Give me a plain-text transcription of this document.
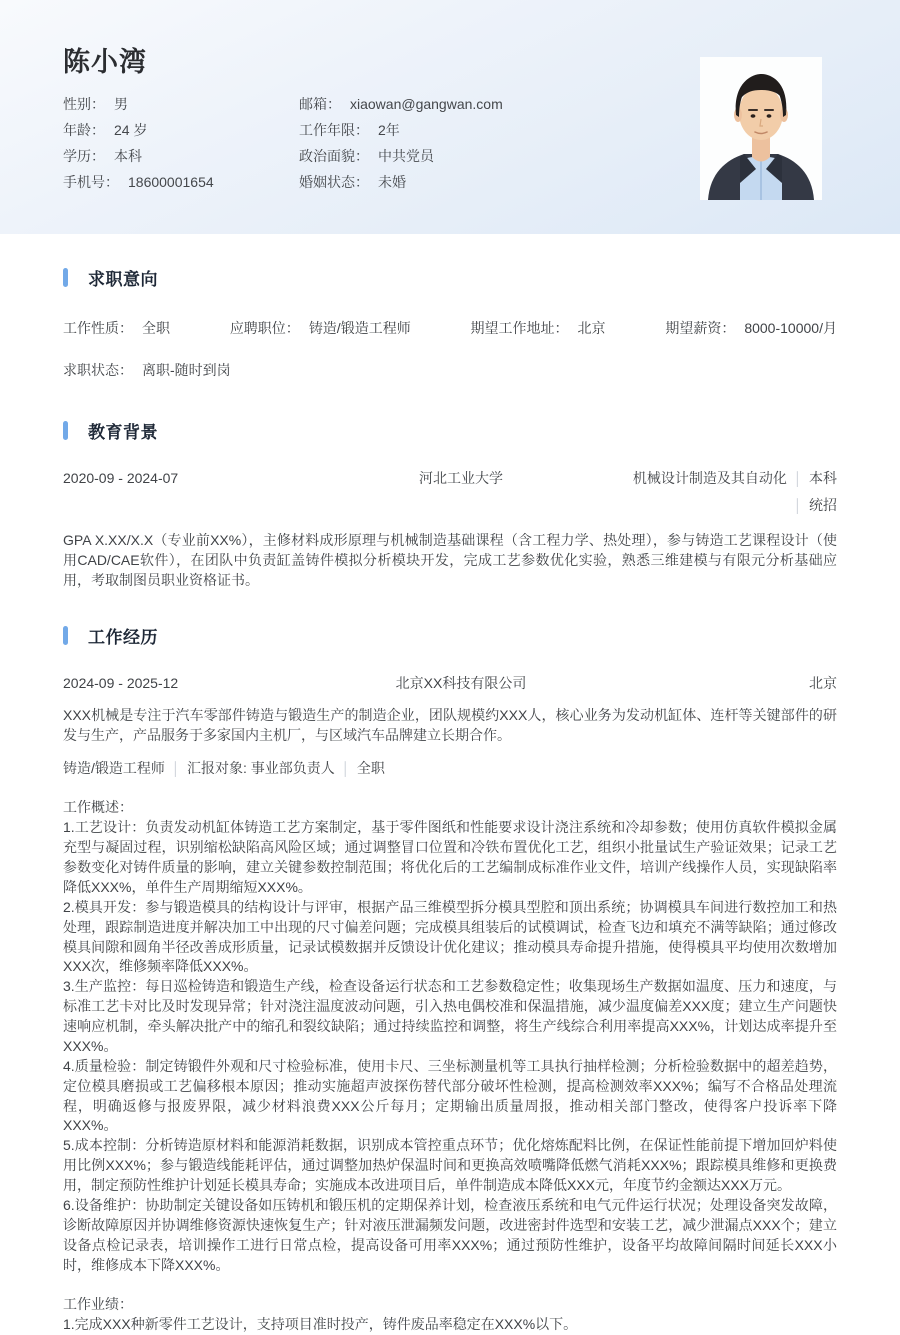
陈小湾
性别： 男
年龄： 24 岁
学历： 本科
手机号： 18600001654
邮箱： xiaowan@gangwan.com
工作年限： 2年
政治面貌： 中共党员
婚姻状态： 未婚
求职意向
工作性质： 全职	应聘职位： 铸造/锻造工程师	期望工作地址： 北京	期望薪资： 8000-10000/月
求职状态： 离职-随时到岗
教育背景
2020-09 - 2024-07	河北工业大学	机械设计制造及其自动化 │ 本科│ 统招

GPA X.XX/X.X（专业前XX%），主修材料成形原理与机械制造基础课程（含工程力学、热处理），参与铸造工艺课程设计（使用CAD/CAE软件），在团队中负责缸盖铸件模拟分析模块开发，完成工艺参数优化实验，熟悉三维建模与有限元分析基础应用，考取制图员职业资格证书。

工作经历
2024-09 - 2025-12	北京XX科技有限公司	北京

XXX机械是专注于汽车零部件铸造与锻造生产的制造企业，团队规模约XXX人，核心业务为发动机缸体、连杆等关键部件的研发与生产，产品服务于多家国内主机厂，与区域汽车品牌建立长期合作。

铸造/锻造工程师 │ 汇报对象: 事业部负责人 │ 全职

工作概述：

1.工艺设计：负责发动机缸体铸造工艺方案制定，基于零件图纸和性能要求设计浇注系统和冷却参数；使用仿真软件模拟金属充型与凝固过程，识别缩松缺陷高风险区域；通过调整冒口位置和冷铁布置优化工艺，组织小批量试生产验证效果；记录工艺参数变化对铸件质量的影响，建立关键参数控制范围；将优化后的工艺编制成标准作业文件，培训产线操作人员，实现缺陷率降低XXX%，单件生产周期缩短XXX%。

2.模具开发：参与锻造模具的结构设计与评审，根据产品三维模型拆分模具型腔和顶出系统；协调模具车间进行数控加工和热处理，跟踪制造进度并解决加工中出现的尺寸偏差问题；完成模具组装后的试模调试，检查飞边和填充不满等缺陷；通过修改模具间隙和圆角半径改善成形质量，记录试模数据并反馈设计优化建议；推动模具寿命提升措施，使得模具平均使用次数增加XXX次，维修频率降低XXX%。

3.生产监控：每日巡检铸造和锻造生产线，检查设备运行状态和工艺参数稳定性；收集现场生产数据如温度、压力和速度，与标准工艺卡对比及时发现异常；针对浇注温度波动问题，引入热电偶校准和保温措施，减少温度偏差XXX度；建立生产问题快速响应机制，牵头解决批产中的缩孔和裂纹缺陷；通过持续监控和调整，将生产线综合利用率提高XXX%，计划达成率提升至XXX%。

4.质量检验：制定铸锻件外观和尺寸检验标准，使用卡尺、三坐标测量机等工具执行抽样检测；分析检验数据中的超差趋势，定位模具磨损或工艺偏移根本原因；推动实施超声波探伤替代部分破坏性检测，提高检测效率XXX%；编写不合格品处理流程，明确返修与报废界限，减少材料浪费XXX公斤每月；定期输出质量周报，推动相关部门整改，使得客户投诉率下降XXX%。

5.成本控制：分析铸造原材料和能源消耗数据，识别成本管控重点环节；优化熔炼配料比例，在保证性能前提下增加回炉料使用比例XXX%；参与锻造线能耗评估，通过调整加热炉保温时间和更换高效喷嘴降低燃气消耗XXX%；跟踪模具维修和更换费用，制定预防性维护计划延长模具寿命；实施成本改进项目后，单件制造成本降低XXX元，年度节约金额达XXX万元。

6.设备维护：协助制定关键设备如压铸机和锻压机的定期保养计划，检查液压系统和电气元件运行状况；处理设备突发故障，诊断故障原因并协调维修资源快速恢复生产；针对液压泄漏频发问题，改进密封件选型和安装工艺，减少泄漏点XXX个；建立设备点检记录表，培训操作工进行日常点检，提高设备可用率XXX%；通过预防性维护，设备平均故障间隔时间延长XXX小时，维修成本下降XXX%。

工作业绩：

1.完成XXX种新零件工艺设计，支持项目准时投产，铸件废品率稳定在XXX%以下。
